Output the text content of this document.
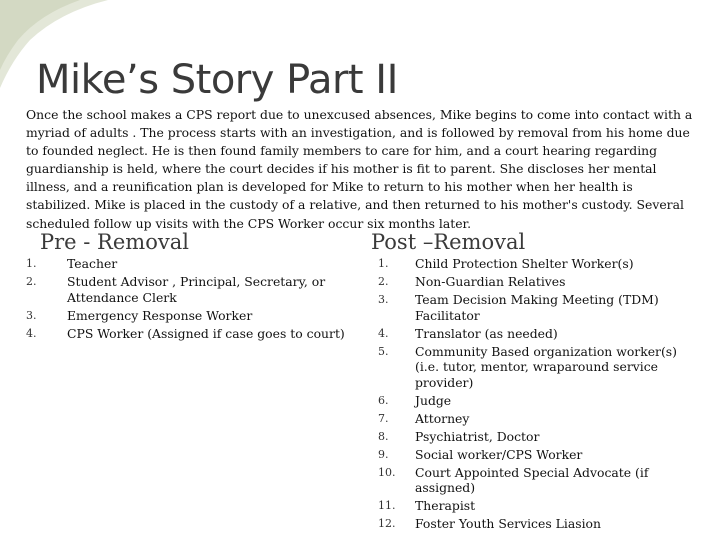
Mike’s Story Part II

Once the school makes a CPS report due to unexcused absences, Mike begins to come into contact with a myriad of adults . The process starts with an investigation, and is followed by removal from his home due to founded neglect. He is then found family members to care for him, and a court hearing regarding guardianship is held, where the court decides if his mother is fit to parent. She discloses her mental illness, and a reunification plan is developed for Mike to return to his mother when her health is stabilized. Mike is placed in the custody of a relative, and then returned to his mother's custody. Several scheduled follow up visits with the CPS Worker occur six months later.

Pre - Removal	Post –Removal
1.	Teacher
2.	Student Advisor , Principal, Secretary, or Attendance Clerk
3.	Emergency Response Worker
4.	CPS Worker (Assigned if case goes to court)
1.	Child Protection Shelter Worker(s)
2.	Non-Guardian Relatives
3.	Team Decision Making Meeting (TDM) Facilitator
4.	Translator (as needed)
5.	Community Based organization worker(s) (i.e. tutor, mentor, wraparound service provider)
6.	Judge
7.	Attorney
8.	Psychiatrist, Doctor
9.	Social worker/CPS Worker
10.	Court Appointed Special Advocate (if assigned)
11.	Therapist
12.	Foster Youth Services Liasion
